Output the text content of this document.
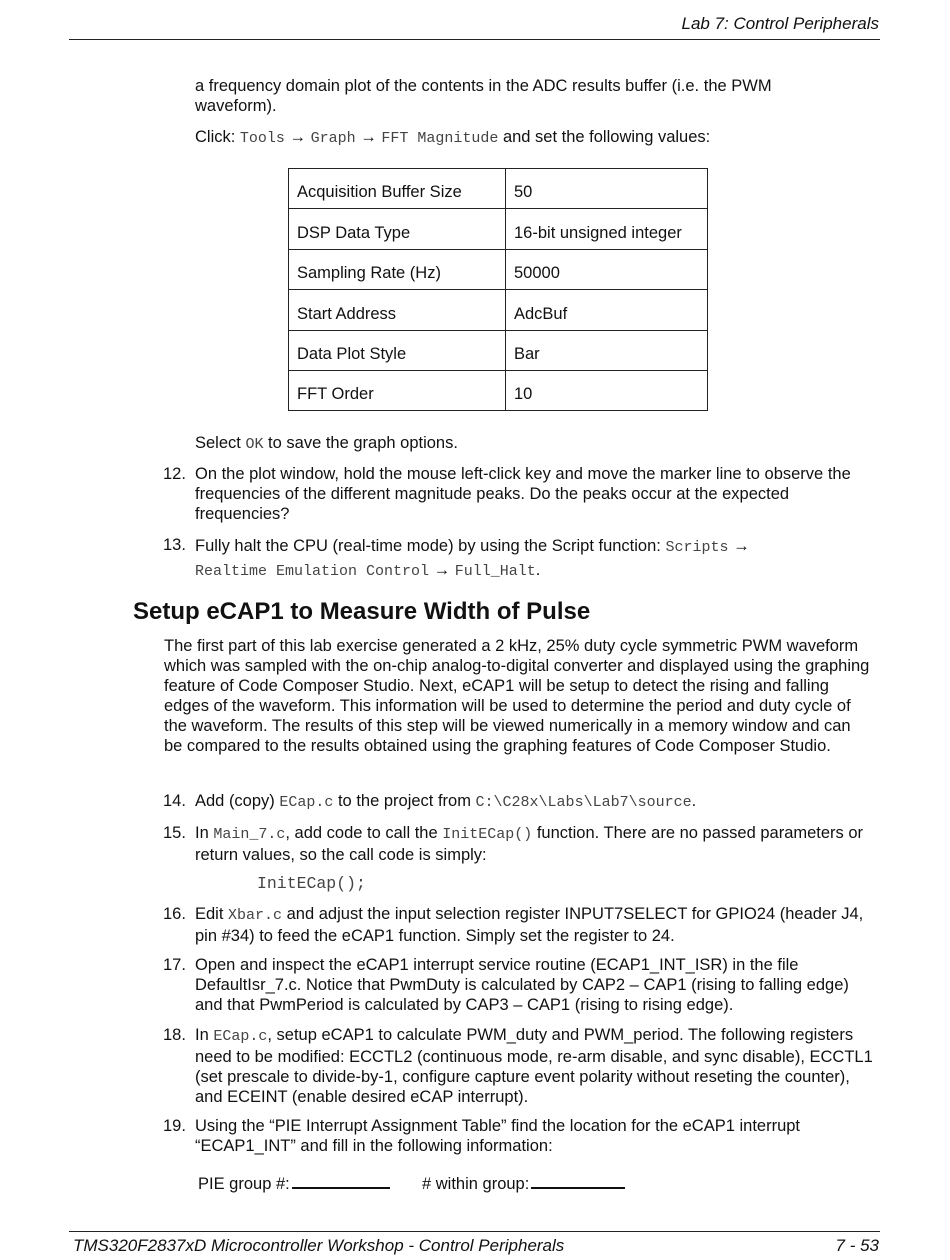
Lab 7: Control Peripherals
a frequency domain plot of the contents in the ADC results buffer (i.e. the PWM
waveform).
Click: Tools → Graph → FFT Magnitude and set the following values:
Acquisition Buffer Size	50
DSP Data Type	16-bit unsigned integer
Sampling Rate (Hz)	50000
Start Address	AdcBuf
Data Plot Style	Bar
FFT Order	10
Select OK to save the graph options.
12. On the plot window, hold the mouse left-click key and move the marker line to observe the frequencies of the different magnitude peaks. Do the peaks occur at the expected frequencies?
13. Fully halt the CPU (real-time mode) by using the Script function: Scripts →
Realtime Emulation Control → Full_Halt.
Setup eCAP1 to Measure Width of Pulse
The first part of this lab exercise generated a 2 kHz, 25% duty cycle symmetric PWM waveform which was sampled with the on-chip analog-to-digital converter and displayed using the graphing feature of Code Composer Studio. Next, eCAP1 will be setup to detect the rising and falling edges of the waveform. This information will be used to determine the period and duty cycle of the waveform. The results of this step will be viewed numerically in a memory window and can be compared to the results obtained using the graphing features of Code Composer Studio.
14. Add (copy) ECap.c to the project from C:\C28x\Labs\Lab7\source.
15. In Main_7.c, add code to call the InitECap() function. There are no passed parameters or return values, so the call code is simply:
InitECap();
16. Edit Xbar.c and adjust the input selection register INPUT7SELECT for GPIO24 (header J4, pin #34) to feed the eCAP1 function. Simply set the register to 24.
17. Open and inspect the eCAP1 interrupt service routine (ECAP1_INT_ISR) in the file DefaultIsr_7.c. Notice that PwmDuty is calculated by CAP2 – CAP1 (rising to falling edge) and that PwmPeriod is calculated by CAP3 – CAP1 (rising to rising edge).
18. In ECap.c, setup eCAP1 to calculate PWM_duty and PWM_period. The following registers need to be modified: ECCTL2 (continuous mode, re-arm disable, and sync disable), ECCTL1 (set prescale to divide-by-1, configure capture event polarity without reseting the counter), and ECEINT (enable desired eCAP interrupt).
19. Using the “PIE Interrupt Assignment Table” find the location for the eCAP1 interrupt “ECAP1_INT” and fill in the following information:
PIE group #:	# within group:
TMS320F2837xD Microcontroller Workshop - Control Peripherals	7 - 53
